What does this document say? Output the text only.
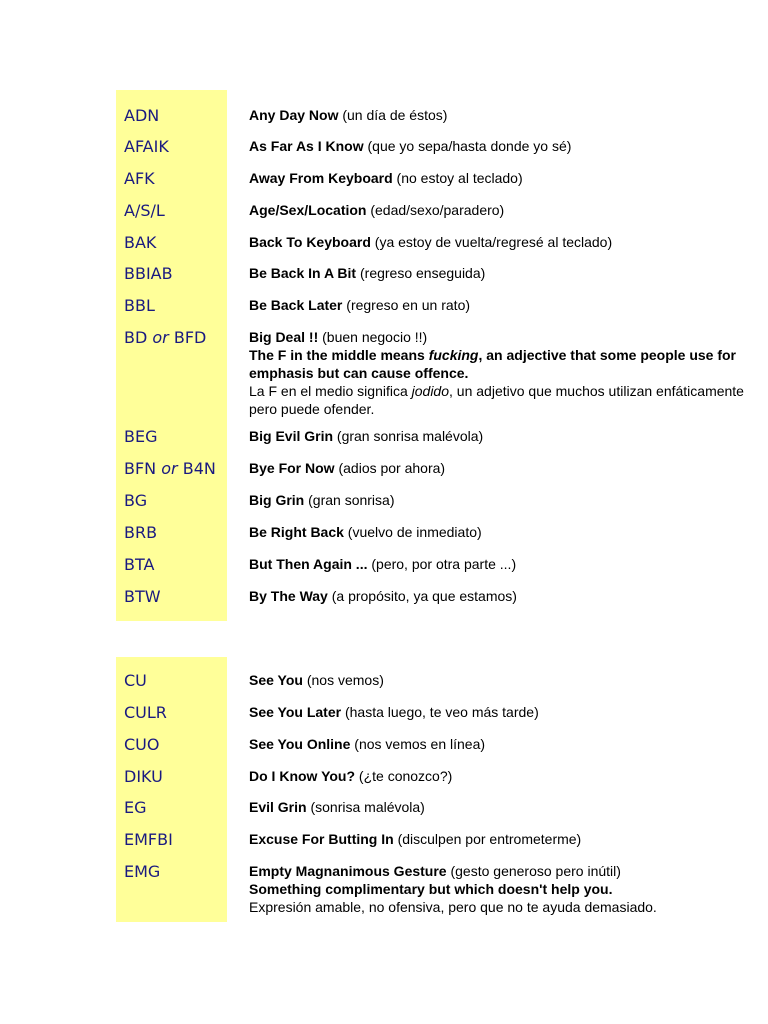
ADN	Any Day Now (un día de éstos)
AFAIK	As Far As I Know (que yo sepa/hasta donde yo sé)
AFK	Away From Keyboard (no estoy al teclado)
A/S/L	Age/Sex/Location (edad/sexo/paradero)
BAK	Back To Keyboard (ya estoy de vuelta/regresé al teclado)
BBIAB	Be Back In A Bit (regreso enseguida)
BBL	Be Back Later (regreso en un rato)
BD or BFD	Big Deal !! (buen negocio !!)
The F in the middle means fucking, an adjective that some people use for emphasis but can cause offence.
La F en el medio significa jodido, un adjetivo que muchos utilizan enfáticamente pero puede ofender.
BEG	Big Evil Grin (gran sonrisa malévola)
BFN or B4N	Bye For Now (adios por ahora)
BG	Big Grin (gran sonrisa)
BRB	Be Right Back (vuelvo de inmediato)
BTA	But Then Again ... (pero, por otra parte ...)
BTW	By The Way (a propósito, ya que estamos)
CU	See You (nos vemos)
CULR	See You Later (hasta luego, te veo más tarde)
CUO	See You Online (nos vemos en línea)
DIKU	Do I Know You? (¿te conozco?)
EG	Evil Grin (sonrisa malévola)
EMFBI	Excuse For Butting In (disculpen por entrometerme)
EMG	Empty Magnanimous Gesture (gesto generoso pero inútil)
Something complimentary but which doesn't help you.
Expresión amable, no ofensiva, pero que no te ayuda demasiado.
